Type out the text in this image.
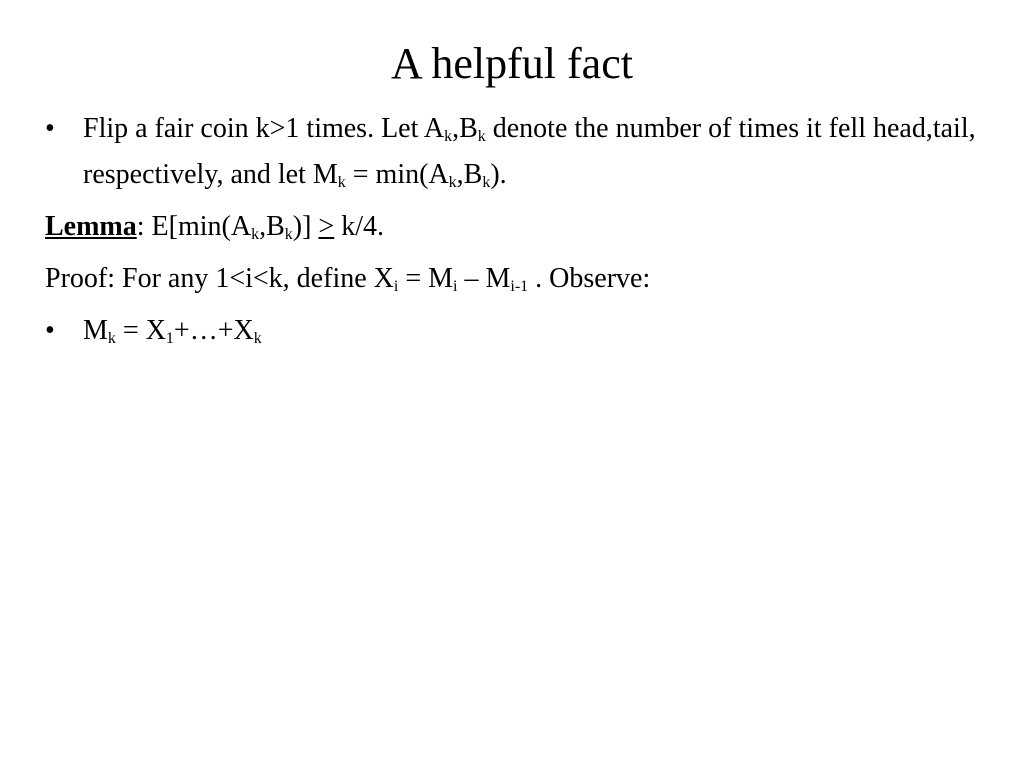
A helpful fact
• Flip a fair coin k>1 times. Let $A_k,B_k$ denote the number of times it fell head,tail, respectively, and let $M_k = \min(A_k,B_k)$.
Lemma: $E[\min(A_k,B_k)] \ge k/4$.
Proof: For any 1<i<k, define $X_i = M_i - M_{i-1}$ . Observe:
• $M_k$ = $X_1+\dots+X_k$
